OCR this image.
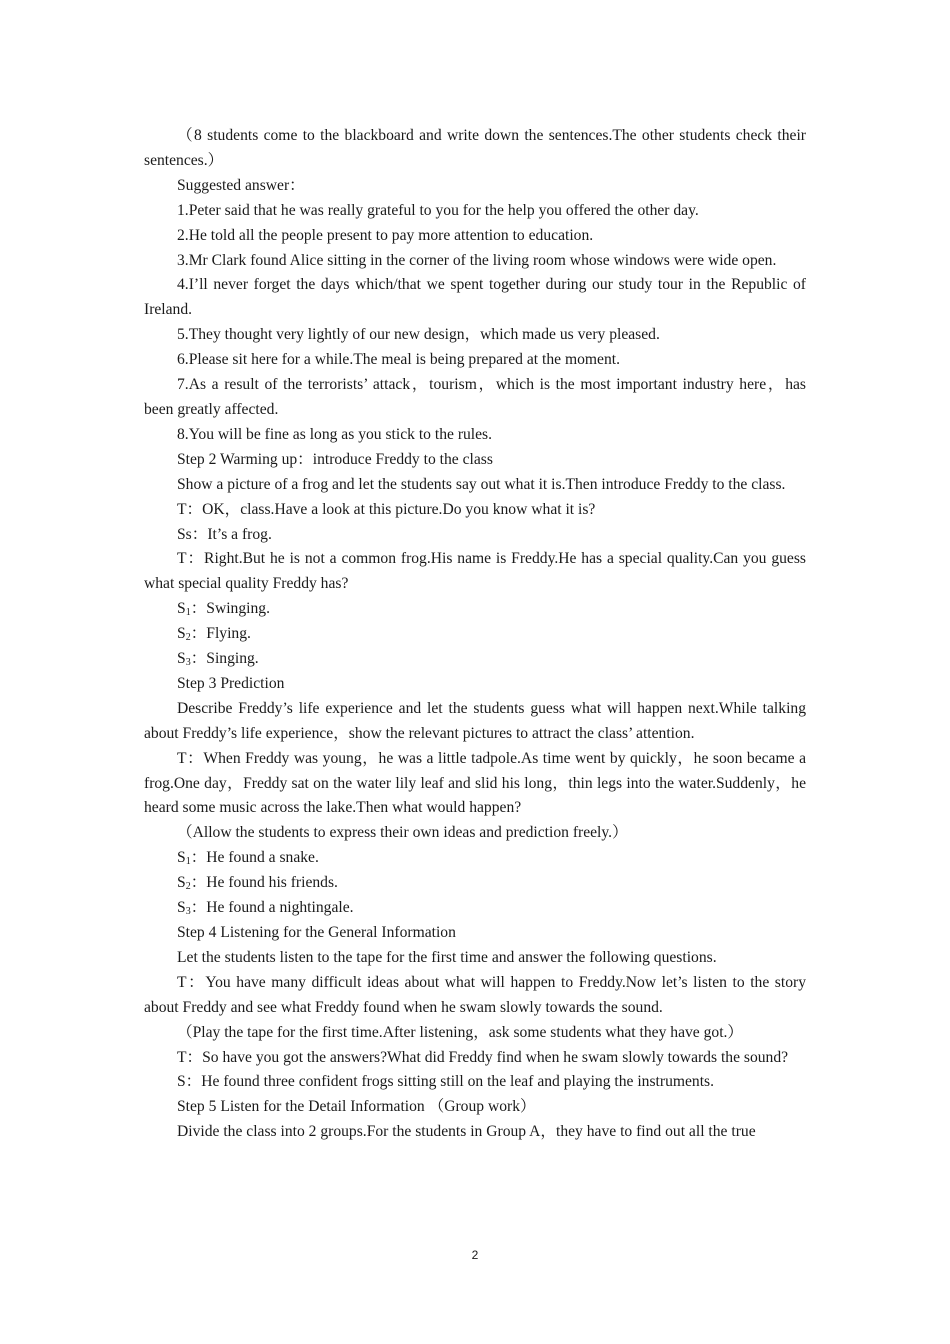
（8 students come to the blackboard and write down the sentences.The other students check their sentences.）

Suggested answer：

1.Peter said that he was really grateful to you for the help you offered the other day.

2.He told all the people present to pay more attention to education.

3.Mr Clark found Alice sitting in the corner of the living room whose windows were wide open.

4.I’ll never forget the days which/that we spent together during our study tour in the Republic of Ireland.

5.They thought very lightly of our new design，which made us very pleased.

6.Please sit here for a while.The meal is being prepared at the moment.

7.As a result of the terrorists’ attack，tourism，which is the most important industry here，has been greatly affected.

8.You will be fine as long as you stick to the rules.

Step 2 Warming up：introduce Freddy to the class

Show a picture of a frog and let the students say out what it is.Then introduce Freddy to the class.

T：OK，class.Have a look at this picture.Do you know what it is?

Ss：It’s a frog.

T：Right.But he is not a common frog.His name is Freddy.He has a special quality.Can you guess what special quality Freddy has?

$S_1$：Swinging.

$S_2$：Flying.

$S_3$：Singing.

Step 3 Prediction

Describe Freddy’s life experience and let the students guess what will happen next.While talking about Freddy’s life experience，show the relevant pictures to attract the class’ attention.

T：When Freddy was young，he was a little tadpole.As time went by quickly，he soon became a frog.One day，Freddy sat on the water lily leaf and slid his long，thin legs into the water.Suddenly，he heard some music across the lake.Then what would happen?

（Allow the students to express their own ideas and prediction freely.）

$S_1$：He found a snake.

$S_2$：He found his friends.

$S_3$：He found a nightingale.

Step 4 Listening for the General Information

Let the students listen to the tape for the first time and answer the following questions.

T：You have many difficult ideas about what will happen to Freddy.Now let’s listen to the story about Freddy and see what Freddy found when he swam slowly towards the sound.

（Play the tape for the first time.After listening，ask some students what they have got.）

T：So have you got the answers?What did Freddy find when he swam slowly towards the sound?

S：He found three confident frogs sitting still on the leaf and playing the instruments.

Step 5 Listen for the Detail Information （Group work）

Divide the class into 2 groups.For the students in Group A，they have to find out all the true

2
